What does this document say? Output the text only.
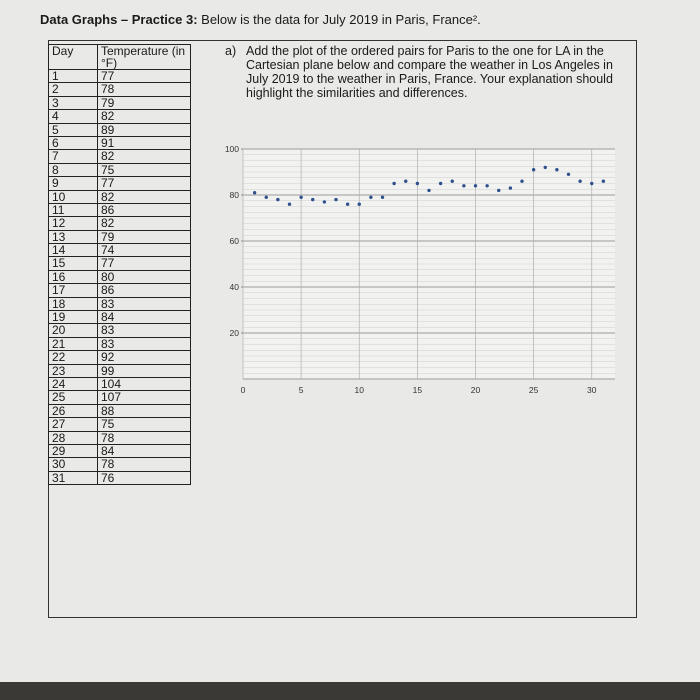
Data Graphs – Practice 3: Below is the data for July 2019 in Paris, France².
Day	Temperature (in °F)
1	77
2	78
3	79
4	82
5	89
6	91
7	82
8	75
9	77
10	82
11	86
12	82
13	79
14	74
15	77
16	80
17	86
18	83
19	84
20	83
21	83
22	92
23	99
24	104
25	107
26	88
27	75
28	78
29	84
30	78
31	76
a) Add the plot of the ordered pairs for Paris to the one for LA in the Cartesian plane below and compare the weather in Los Angeles in July 2019 to the weather in Paris, France. Your explanation should highlight the similarities and differences.
20
40
60
80
100
0	5	10	15	20	25	30
